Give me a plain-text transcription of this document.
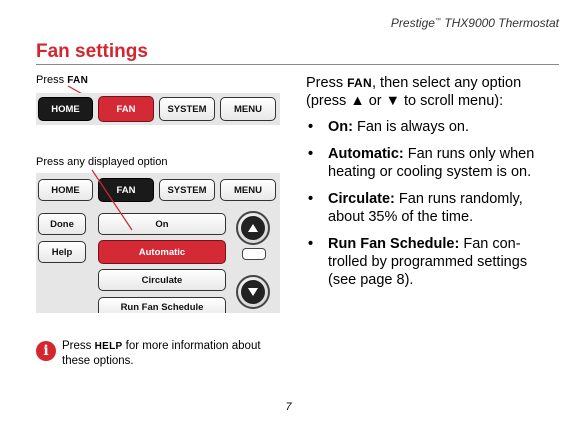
Prestige™ THX9000 Thermostat
Fan settings
Press FAN
HOME	FAN	SYSTEM	MENU
Press any displayed option
HOME	FAN	SYSTEM	MENU
Done
Help
On
Automatic
Circulate
Run Fan Schedule
Press FAN, then select any option
(press ▲ or ▼ to scroll menu):
• On: Fan is always on.
• Automatic: Fan runs only when heating or cooling system is on.
• Circulate: Fan runs randomly, about 35% of the time.
• Run Fan Schedule: Fan con-trolled by programmed settings (see page 8).
i	Press HELP for more information about these options.
7
